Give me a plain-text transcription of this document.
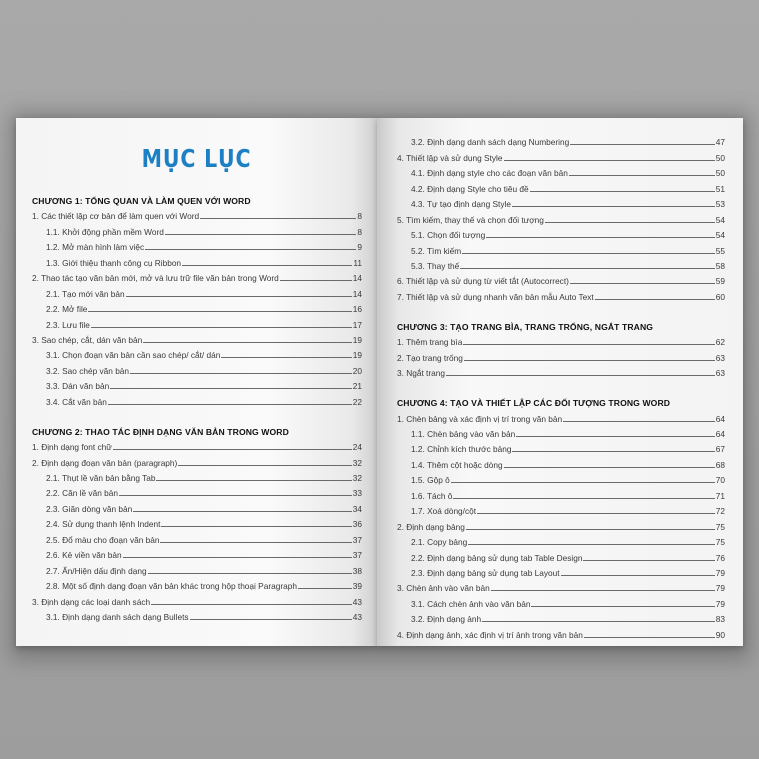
MỤC LỤC
CHƯƠNG 1: TỔNG QUAN VÀ LÀM QUEN VỚI WORD
1. Các thiết lập cơ bản để làm quen với Word	8
1.1. Khởi động phần mềm Word	8
1.2. Mở màn hình làm việc	9
1.3. Giới thiệu thanh công cụ Ribbon	11
2. Thao tác tạo văn bản mới, mở và lưu trữ file văn bản trong Word	14
2.1. Tạo mới văn bản	14
2.2. Mở file	16
2.3. Lưu file	17
3. Sao chép, cắt, dán văn bản	19
3.1. Chọn đoạn văn bản cần sao chép/ cắt/ dán	19
3.2. Sao chép văn bản	20
3.3. Dán văn bản	21
3.4. Cắt văn bản	22
CHƯƠNG 2: THAO TÁC ĐỊNH DẠNG VĂN BẢN TRONG WORD
1. Định dạng font chữ	24
2. Định dạng đoạn văn bản (paragraph)	32
2.1. Thụt lề văn bản bằng Tab	32
2.2. Căn lề văn bản	33
2.3. Giãn dòng văn bản	34
2.4. Sử dụng thanh lệnh Indent	36
2.5. Đổ màu cho đoạn văn bản	37
2.6. Kẻ viền văn bản	37
2.7. Ẩn/Hiện dấu định dạng	38
2.8. Một số định dạng đoạn văn bản khác trong hộp thoại Paragraph	39
3. Định dạng các loại danh sách	43
3.1. Định dạng danh sách dạng Bullets	43
3.2. Định dạng danh sách dạng Numbering	47
4. Thiết lập và sử dụng Style	50
4.1. Định dạng style cho các đoạn văn bản	50
4.2. Định dạng Style cho tiêu đề	51
4.3. Tự tạo định dạng Style	53
5. Tìm kiếm, thay thế và chọn đối tượng	54
5.1. Chọn đối tượng	54
5.2. Tìm kiếm	55
5.3. Thay thế	58
6. Thiết lập và sử dụng từ viết tắt (Autocorrect)	59
7. Thiết lập và sử dụng nhanh văn bản mẫu Auto Text	60
CHƯƠNG 3: TẠO TRANG BÌA, TRANG TRỐNG, NGẮT TRANG
1. Thêm trang bìa	62
2. Tạo trang trống	63
3. Ngắt trang	63
CHƯƠNG 4: TẠO VÀ THIẾT LẬP CÁC ĐỐI TƯỢNG TRONG WORD
1. Chèn bảng và xác định vị trí trong văn bản	64
1.1. Chèn bảng vào văn bản	64
1.2. Chỉnh kích thước bảng	67
1.4. Thêm cột hoặc dòng	68
1.5. Gộp ô	70
1.6. Tách ô	71
1.7. Xoá dòng/cột	72
2. Định dạng bảng	75
2.1. Copy bảng	75
2.2. Định dạng bảng sử dụng tab Table Design	76
2.3. Định dạng bảng sử dụng tab Layout	79
3. Chèn ảnh vào văn bản	79
3.1. Cách chèn ảnh vào văn bản	79
3.2. Định dạng ảnh	83
4. Định dạng ảnh, xác định vị trí ảnh trong văn bản	90
